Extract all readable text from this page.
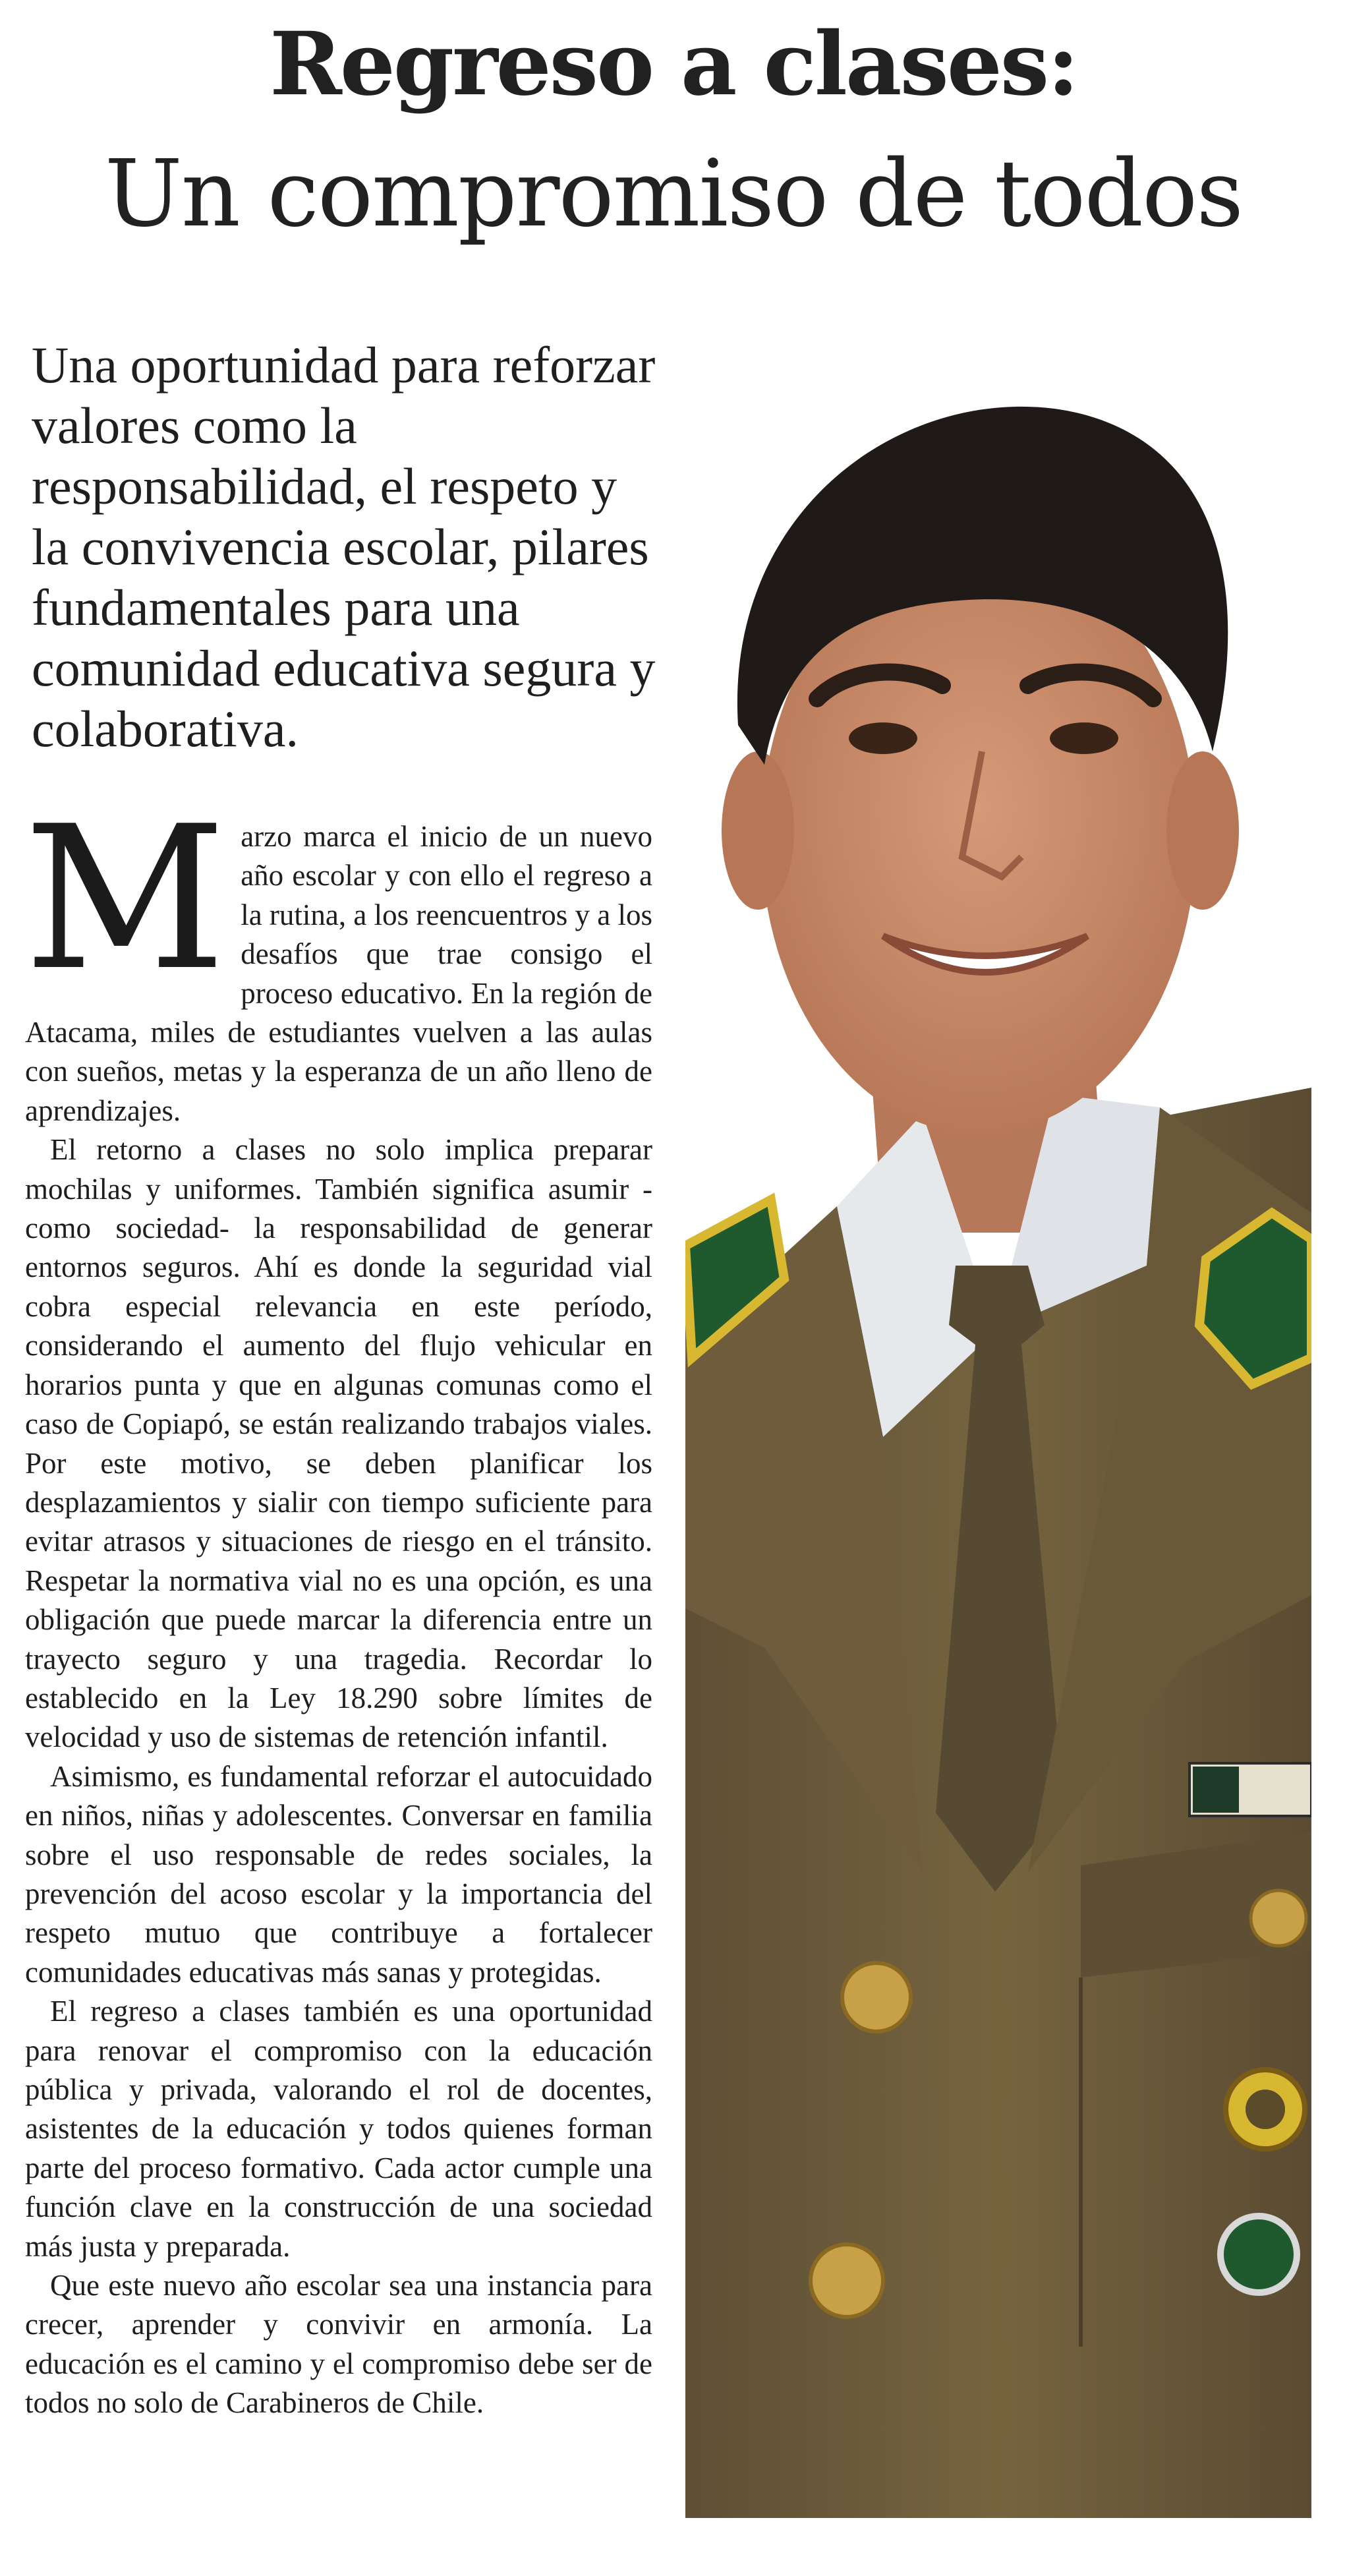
Regreso a clases:
Un compromiso de todos

Una oportunidad para reforzar valores como la responsabilidad, el respeto y la convivencia escolar, pilares fundamentales para una comunidad educativa segura y colaborativa.

Marzo marca el inicio de un nuevo año escolar y con ello el regreso a la rutina, a los reencuentros y a los desafíos que trae consigo el proceso educativo. En la región de Atacama, miles de estudiantes vuelven a las aulas con sueños, metas y la esperanza de un año lleno de aprendizajes.

El retorno a clases no solo implica preparar mochilas y uniformes. También significa asumir -como sociedad- la responsabilidad de generar entornos seguros. Ahí es donde la seguridad vial cobra especial relevancia en este período, considerando el aumento del flujo vehicular en horarios punta y que en algunas comunas como el caso de Copiapó, se están realizando trabajos viales. Por este motivo, se deben planificar los desplazamientos y sialir con tiempo suficiente para evitar atrasos y situaciones de riesgo en el tránsito. Respetar la normativa vial no es una opción, es una obligación que puede marcar la diferencia entre un trayecto seguro y una tragedia. Recordar lo establecido en la Ley 18.290 sobre límites de velocidad y uso de sistemas de retención infantil.

Asimismo, es fundamental reforzar el autocuidado en niños, niñas y adolescentes. Conversar en familia sobre el uso responsable de redes sociales, la prevención del acoso escolar y la importancia del respeto mutuo que contribuye a fortalecer comunidades educativas más sanas y protegidas.

El regreso a clases también es una oportunidad para renovar el compromiso con la educación pública y privada, valorando el rol de docentes, asistentes de la educación y todos quienes forman parte del proceso formativo. Cada actor cumple una función clave en la construcción de una sociedad más justa y preparada.

Que este nuevo año escolar sea una instancia para crecer, aprender y convivir en armonía. La educación es el camino y el compromiso debe ser de todos no solo de Carabineros de Chile.
